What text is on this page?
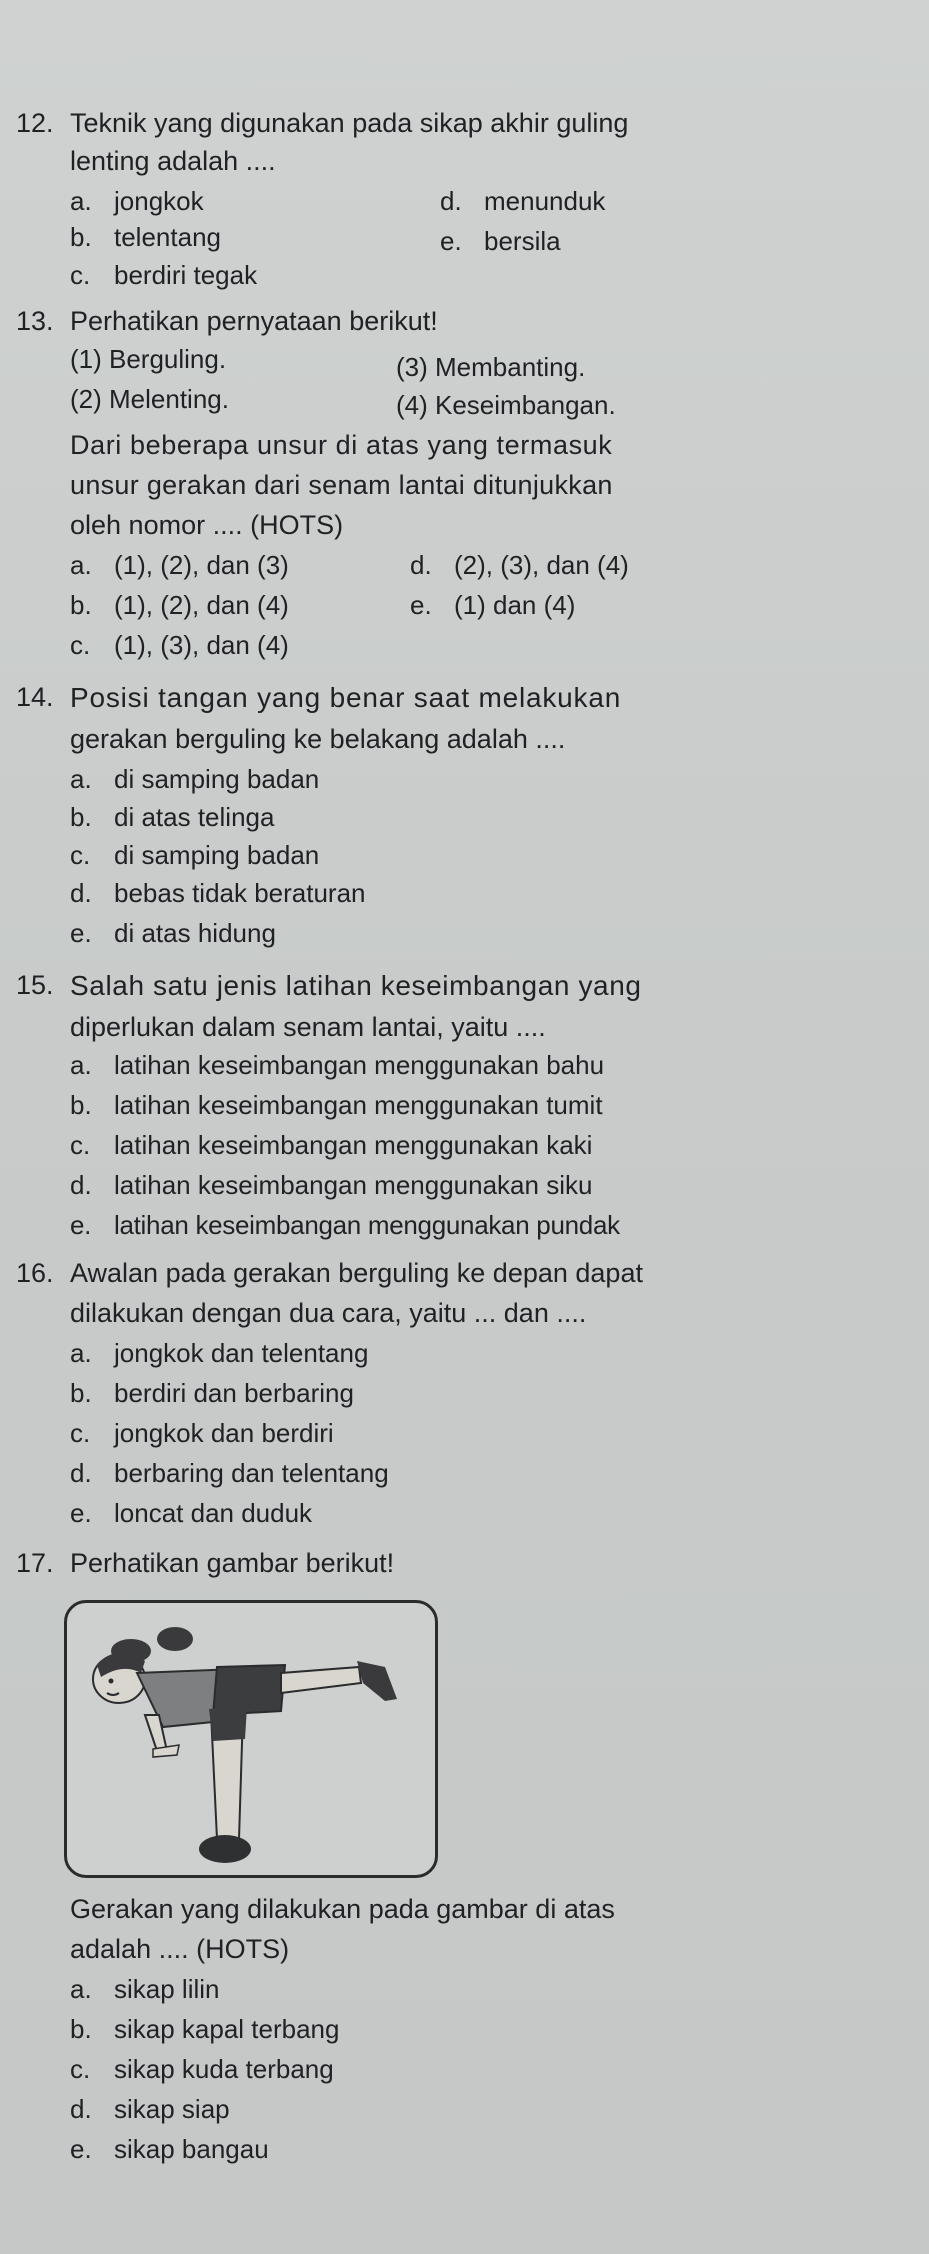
12. Teknik yang digunakan pada sikap akhir guling
lenting adalah ....
a. jongkok	d. menunduk
b. telentang	e. bersila
c. berdiri tegak
13. Perhatikan pernyataan berikut!
(1) Berguling.	(3) Membanting.
(2) Melenting.	(4) Keseimbangan.
Dari beberapa unsur di atas yang termasuk
unsur gerakan dari senam lantai ditunjukkan
oleh nomor .... (HOTS)
a. (1), (2), dan (3)	d. (2), (3), dan (4)
b. (1), (2), dan (4)	e. (1) dan (4)
c. (1), (3), dan (4)
14. Posisi tangan yang benar saat melakukan
gerakan berguling ke belakang adalah ....
a. di samping badan
b. di atas telinga
c. di samping badan
d. bebas tidak beraturan
e. di atas hidung
15. Salah satu jenis latihan keseimbangan yang
diperlukan dalam senam lantai, yaitu ....
a. latihan keseimbangan menggunakan bahu
b. latihan keseimbangan menggunakan tumit
c. latihan keseimbangan menggunakan kaki
d. latihan keseimbangan menggunakan siku
e. latihan keseimbangan menggunakan pundak
16. Awalan pada gerakan berguling ke depan dapat
dilakukan dengan dua cara, yaitu ... dan ....
a. jongkok dan telentang
b. berdiri dan berbaring
c. jongkok dan berdiri
d. berbaring dan telentang
e. loncat dan duduk
17. Perhatikan gambar berikut!
Gerakan yang dilakukan pada gambar di atas
adalah .... (HOTS)
a. sikap lilin
b. sikap kapal terbang
c. sikap kuda terbang
d. sikap siap
e. sikap bangau
